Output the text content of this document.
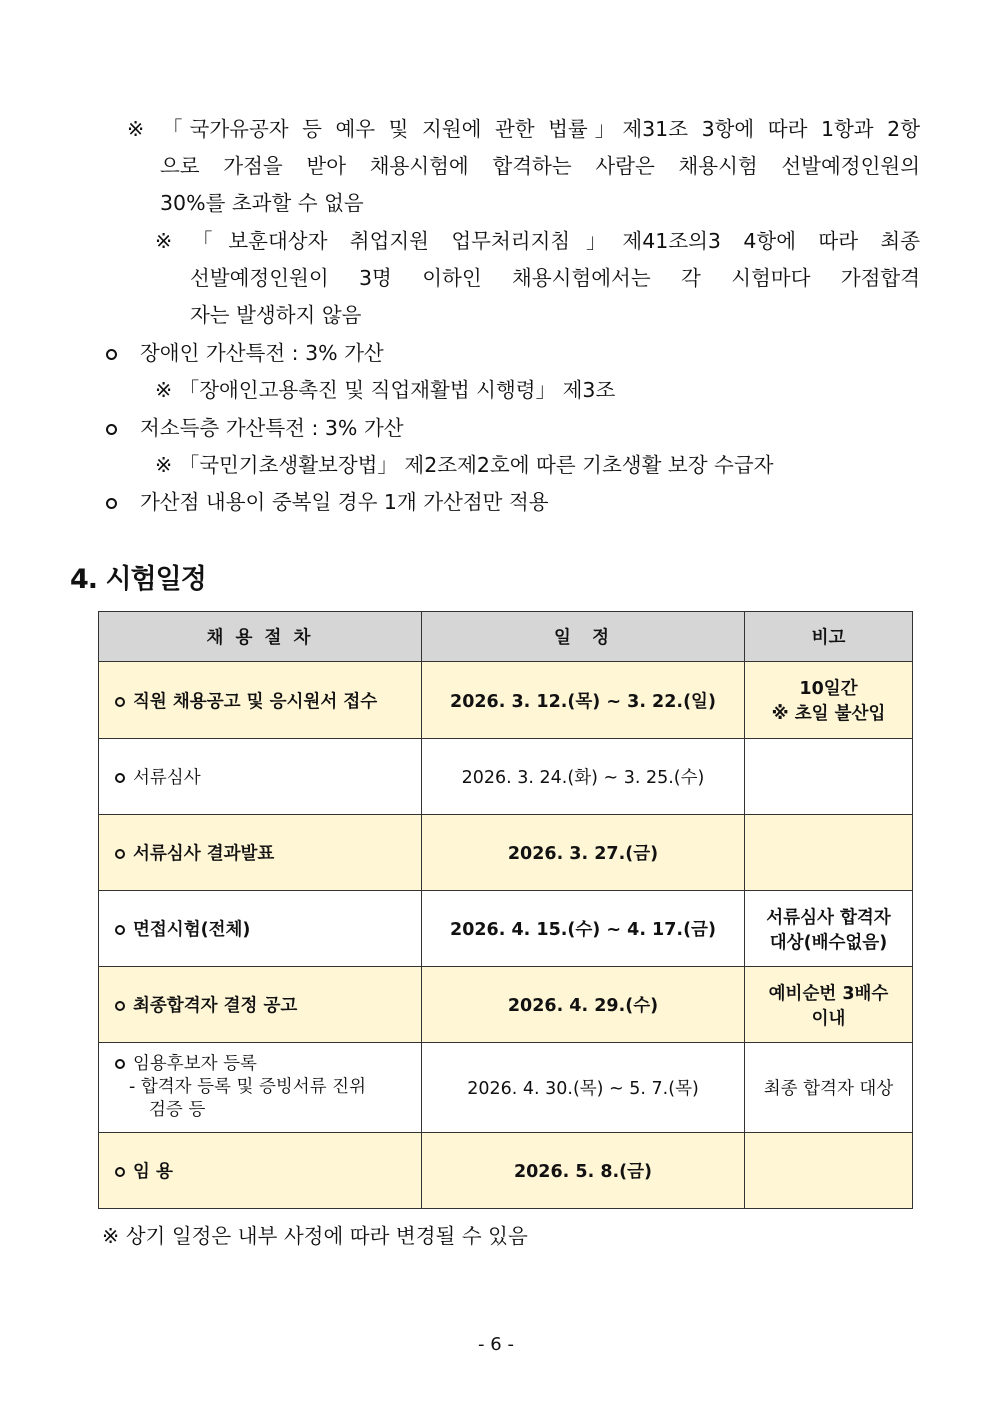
※ 「국가유공자 등 예우 및 지원에 관한 법률」제31조 3항에 따라 1항과 2항
으로 가점을 받아 채용시험에 합격하는 사람은 채용시험 선발예정인원의
30%를 초과할 수 없음
※ 「보훈대상자 취업지원 업무처리지침」제41조의3 4항에 따라 최종
선발예정인원이 3명 이하인 채용시험에서는 각 시험마다 가점합격
자는 발생하지 않음
장애인 가산특전 : 3% 가산
※ 「장애인고용촉진 및 직업재활법 시행령」 제3조
저소득층 가산특전 : 3% 가산
※ 「국민기초생활보장법」 제2조제2호에 따른 기초생활 보장 수급자
가산점 내용이 중복일 경우 1개 가산점만 적용
4. 시험일정
채 용 절 차	일  정	비고
직원 채용공고 및 응시원서 접수	2026. 3. 12.(목) ~ 3. 22.(일)	10일간
※ 초일 불산입

서류심사	2026. 3. 24.(화) ~ 3. 25.(수)	
서류심사 결과발표	2026. 3. 27.(금)	
면접시험(전체)	2026. 4. 15.(수) ~ 4. 17.(금)	서류심사 합격자
대상(배수없음)

최종합격자 결정 공고	2026. 4. 29.(수)	예비순번 3배수
이내

임용후보자 등록
- 합격자 등록 및 증빙서류 진위
검증 등	2026. 4. 30.(목) ~ 5. 7.(목)	최종 합격자 대상

임 용	2026. 5. 8.(금)	
※ 상기 일정은 내부 사정에 따라 변경될 수 있음
- 6 -
